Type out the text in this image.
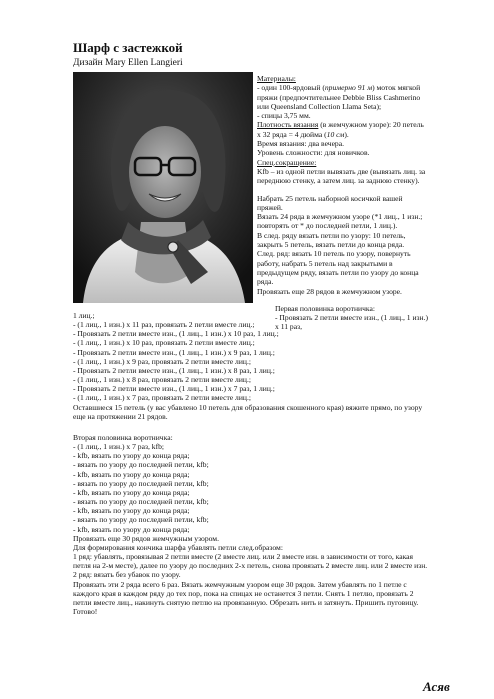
Шарф с застежкой
Дизайн Mary Ellen Langieri

Материалы:

- один 100-ярдовый (примерно 91 м) моток мягкой пряжи (предпочтительнее Debbie Bliss Cashmerino или Queensland Collection Llama Seta);

- спицы 3,75 мм.

Плотность вязания (в жемчужном узоре): 20 петель х 32 ряда = 4 дюйма (10 см).

Время вязания: два вечера.

Уровень сложности: для новичков.

Спец.сокращение:

Kfb – из одной петли вывязать две (вывязать лиц. за переднюю стенку, а затем лиц. за заднюю стенку).

Набрать 25 петель наборной косичкой вашей пряжей.

Вязать 24 ряда в жемчужном узоре (*1 лиц., 1 изн.; повторять от * до последней петли, 1 лиц.).

В след. ряду вязать петли по узору: 10 петель, закрыть 5 петель, вязать петли до конца ряда.

След. ряд: вязать 10 петель по узору, повернуть работу, набрать 5 петель над закрытыми в предыдущем ряду, вязать петли по узору до конца ряда.

Провязать еще 28 рядов в жемчужном узоре.

Первая половинка воротничка:

- Провязать 2 петли вместе изн., (1 лиц., 1 изн.) х 11 раз,

1 лиц.;

- (1 лиц., 1 изн.) х 11 раз, провязать 2 петли вместе лиц.;

- Провязать 2 петли вместе изн., (1 лиц., 1 изн.) х 10 раз, 1 лиц.;

- (1 лиц., 1 изн.) х 10 раз, провязать 2 петли вместе лиц.;

- Провязать 2 петли вместе изн., (1 лиц., 1 изн.) х 9 раз, 1 лиц.;

- (1 лиц., 1 изн.) х 9 раз, провязать 2 петли вместе лиц.;

- Провязать 2 петли вместе изн., (1 лиц., 1 изн.) х 8 раз, 1 лиц.;

- (1 лиц., 1 изн.) х 8 раз, провязать 2 петли вместе лиц.;

- Провязать 2 петли вместе изн., (1 лиц., 1 изн.) х 7 раз, 1 лиц.;

- (1 лиц., 1 изн.) х 7 раз, провязать 2 петли вместе лиц.;

Оставшиеся 15 петель (у вас убавлено 10 петель для образования скошенного края) вяжите прямо, по узору еще на протяжении 21 рядов.

Вторая половинка воротничка:

- (1 лиц., 1 изн.) х 7 раз, kfb;

- kfb, вязать по узору до конца ряда;

- вязать по узору до последней петли, kfb;

- kfb, вязать по узору до конца ряда;

- вязать по узору до последней петли, kfb;

- kfb, вязать по узору до конца ряда;

- вязать по узору до последней петли, kfb;

- kfb, вязать по узору до конца ряда;

- вязать по узору до последней петли, kfb;

- kfb, вязать по узору до конца ряда;

Провязать еще 30 рядов жемчужным узором.

Для формирования кончика шарфа убавлять петли след.образом:

1 ряд: убавлять, провязывая 2 петли вместе (2 вместе лиц. или 2 вместе изн. в зависимости от того, какая петля на 2-м месте), далее по узору до последних 2-х петель, снова провязать 2 вместе лиц. или 2 вместе изн.

2 ряд: вязать без убавок по узору.

Провязать эти 2 ряда всего 6 раз. Вязать жемчужным узором еще 30 рядов. Затем убавлять по 1 петле с каждого края в каждом ряду до тех пор, пока на спицах не останется 3 петли. Снять 1 петлю, провязать 2 петли вместе лиц., накинуть снятую петлю на провязанную. Обрезать нить и затянуть. Пришить пуговицу. Готово!

Асяв
